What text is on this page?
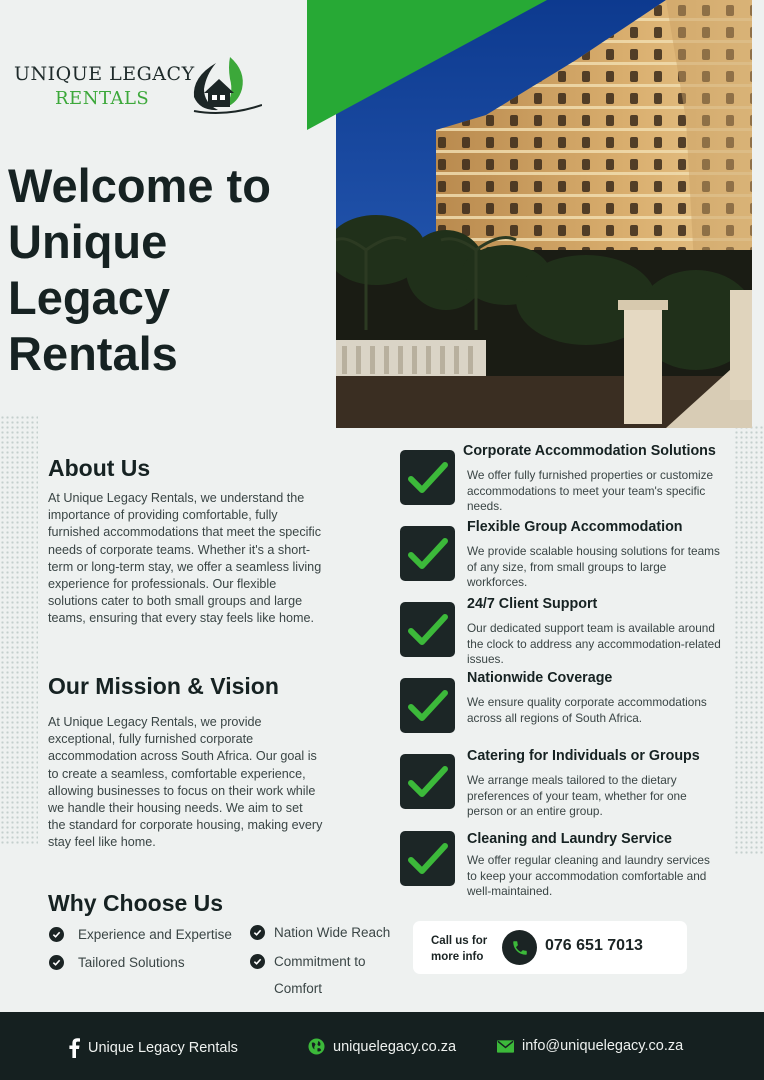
UNIQUE LEGACY
RENTALS
Welcome to Unique Legacy Rentals
About Us

At Unique Legacy Rentals, we understand the importance of providing comfortable, fully furnished accommodations that meet the specific needs of corporate teams. Whether it's a short-term or long-term stay, we offer a seamless living experience for professionals. Our flexible solutions cater to both small groups and large teams, ensuring that every stay feels like home.

Our Mission & Vision

At Unique Legacy Rentals, we provide exceptional, fully furnished corporate accommodation across South Africa. Our goal is to create a seamless, comfortable experience, allowing businesses to focus on their work while we handle their housing needs. We aim to set the standard for corporate housing, making every stay feel like home.

Why Choose Us
Experience and Expertise
Tailored Solutions
Nation Wide Reach
Commitment to Comfort
Corporate Accommodation Solutions
We offer fully furnished properties or customize accommodations to meet your team's specific needs.
Flexible Group Accommodation
We provide scalable housing solutions for teams of any size, from small groups to large workforces.
24/7 Client Support
Our dedicated support team is available around the clock to address any accommodation-related issues.
Nationwide Coverage
We ensure quality corporate accommodations across all regions of South Africa.
Catering for Individuals or Groups
We arrange meals tailored to the dietary preferences of your team, whether for one person or an entire group.
Cleaning and Laundry Service
We offer regular cleaning and laundry services to keep your accommodation comfortable and well-maintained.
Call us for
more info
076 651 7013
Unique Legacy Rentals	uniquelegacy.co.za	info@uniquelegacy.co.za
